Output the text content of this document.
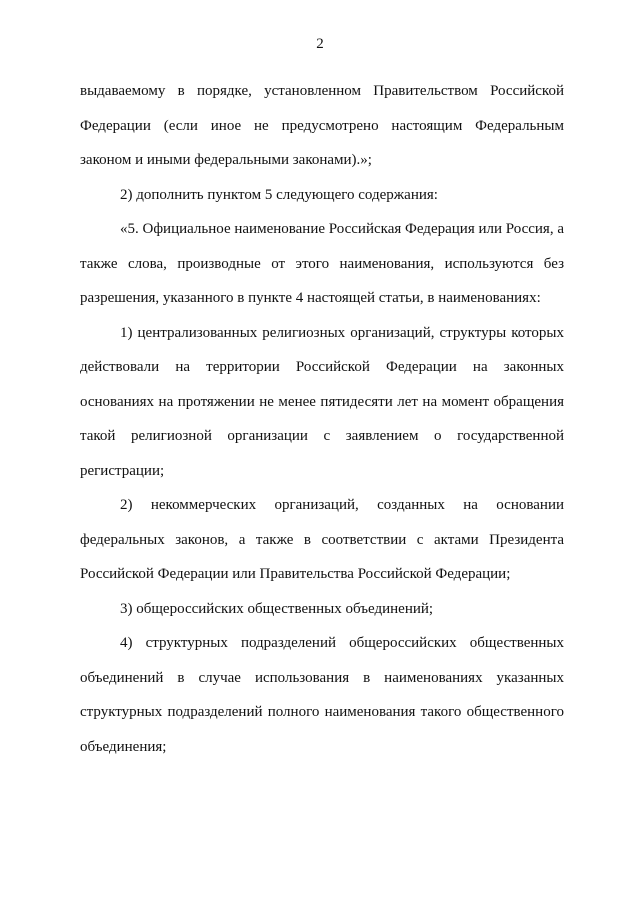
2

выдаваемому в порядке, установленном Правительством Российской Федерации (если иное не предусмотрено настоящим Федеральным законом и иными федеральными законами).»;

2) дополнить пунктом 5 следующего содержания:

«5. Официальное наименование Российская Федерация или Россия, а также слова, производные от этого наименования, используются без разрешения, указанного в пункте 4 настоящей статьи, в наименованиях:

1) централизованных религиозных организаций, структуры которых действовали на территории Российской Федерации на законных основаниях на протяжении не менее пятидесяти лет на момент обращения такой религиозной организации с заявлением о государственной регистрации;

2) некоммерческих организаций, созданных на основании федеральных законов, а также в соответствии с актами Президента Российской Федерации или Правительства Российской Федерации;

3) общероссийских общественных объединений;

4) структурных подразделений общероссийских общественных объединений в случае использования в наименованиях указанных структурных подразделений полного наименования такого общественного объединения;
